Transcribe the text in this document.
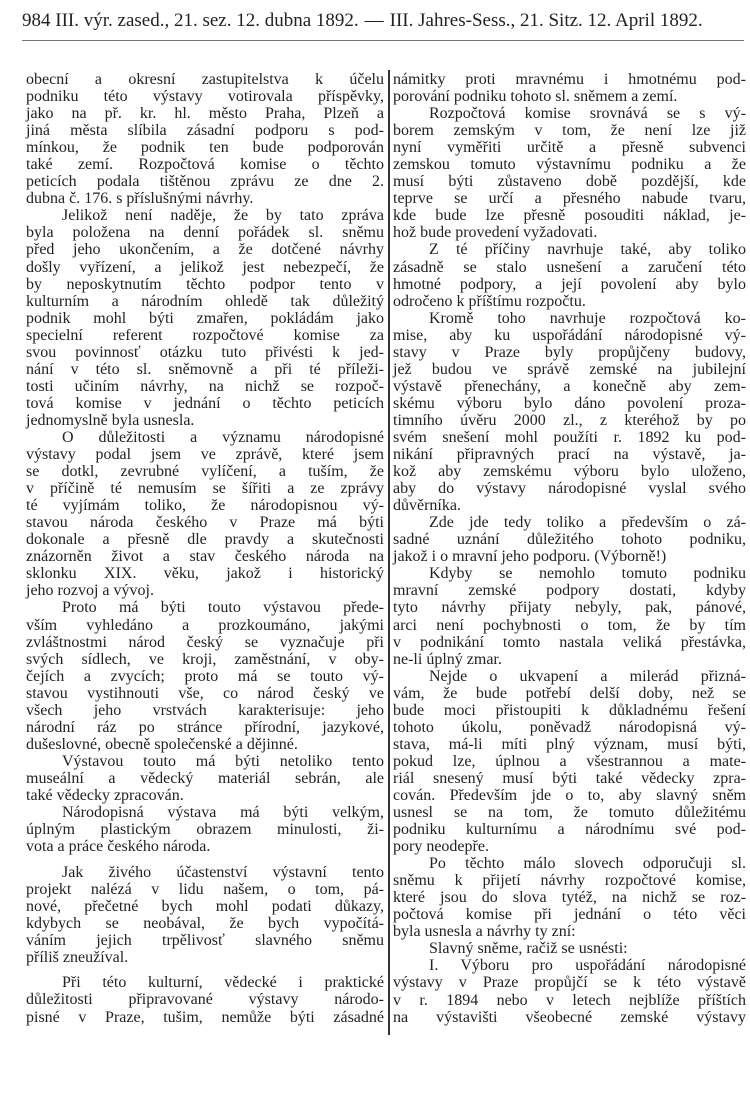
984 III. výr. zased., 21. sez. 12. dubna 1892. — III. Jahres-Sess., 21. Sitz. 12. April 1892.
obecní a okresní zastupitelstva k účelu
podniku této výstavy votirovala příspěvky,
jako na př. kr. hl. město Praha, Plzeň a
jiná města slíbila zásadní podporu s pod-
mínkou, že podnik ten bude podporován
také zemí. Rozpočtová komise o těchto
peticích podala tištěnou zprávu ze dne 2.
dubna č. 176. s příslušnými návrhy.
Jelikož není naděje, že by tato zpráva
byla položena na denní pořádek sl. sněmu
před jeho ukončením, a že dotčené návrhy
došly vyřízení, a jelikož jest nebezpečí, že
by neposkytnutím těchto podpor tento v
kulturním a národním ohledě tak důležitý
podnik mohl býti zmařen, pokládám jako
specielní referent rozpočtové komise za
svou povinnosť otázku tuto přivésti k jed-
nání v této sl. sněmovně a při té příleži-
tosti učiním návrhy, na nichž se rozpoč-
tová komise v jednání o těchto peticích
jednomyslně byla usnesla.
O důležitosti a významu národopisné
výstavy podal jsem ve zprávě, které jsem
se dotkl, zevrubné vylíčení, a tuším, že
v příčině té nemusím se šířiti a ze zprávy
té vyjímám toliko, že národopisnou vý-
stavou národa českého v Praze má býti
dokonale a přesně dle pravdy a skutečnosti
znázorněn život a stav českého národa na
sklonku XIX. věku, jakož i historický
jeho rozvoj a vývoj.
Proto má býti touto výstavou přede-
vším vyhledáno a prozkoumáno, jakými
zvláštnostmi národ český se vyznačuje při
svých sídlech, ve kroji, zaměstnání, v oby-
čejích a zvycích; proto má se touto vý-
stavou vystihnouti vše, co národ český ve
všech jeho vrstvách karakterisuje: jeho
národní ráz po stránce přírodní, jazykové,
dušeslovné, obecně společenské a dějinné.
Výstavou touto má býti netoliko tento
museální a vědecký materiál sebrán, ale
také vědecky zpracován.
Národopisná výstava má býti velkým,
úplným plastickým obrazem minulosti, ži-
vota a práce českého národa.
Jak živého účastenství výstavní tento
projekt nalézá v lidu našem, o tom, pá-
nové, přečetné bych mohl podati důkazy,
kdybych se neobával, že bych vypočítá-
váním jejich trpělivosť slavného sněmu
příliš zneužíval.
Při této kulturní, vědecké i praktické
důležitosti připravované výstavy národo-
pisné v Praze, tušim, nemůže býti zásadné
námitky proti mravnému i hmotnému pod-
porování podniku tohoto sl. sněmem a zemí.
Rozpočtová komise srovnává se s vý-
borem zemským v tom, že není lze již
nyní vyměřiti určitě a přesně subvenci
zemskou tomuto výstavnímu podniku a že
musí býti zůstaveno době pozdější, kde
teprve se určí a přesného nabude tvaru,
kde bude lze přesně posouditi náklad, je-
hož bude provedení vyžadovati.
Z té příčiny navrhuje také, aby toliko
zásadně se stalo usnešení a zaručení této
hmotné podpory, a její povolení aby bylo
odročeno k příštímu rozpočtu.
Kromě toho navrhuje rozpočtová ko-
mise, aby ku uspořádání národopisné vý-
stavy v Praze byly propůjčeny budovy,
jež budou ve správě zemské na jubilejní
výstavě přenechány, a konečně aby zem-
skému výboru bylo dáno povolení proza-
timního úvěru 2000 zl., z kteréhož by po
svém snešení mohl použíti r. 1892 ku pod-
nikání připravných prací na výstavě, ja-
kož aby zemskému výboru bylo uloženo,
aby do výstavy národopisné vyslal svého
důvěrníka.
Zde jde tedy toliko a především o zá-
sadné uznání důležitého tohoto podniku,
jakož i o mravní jeho podporu. (Výborně!)
Kdyby se nemohlo tomuto podniku
mravní zemské podpory dostati, kdyby
tyto návrhy přijaty nebyly, pak, pánové,
arci není pochybnosti o tom, že by tím
v podnikání tomto nastala veliká přestávka,
ne-li úplný zmar.
Nejde o ukvapení a milerád přizná-
vám, že bude potřebí delší doby, než se
bude moci přistoupiti k důkladnému řešení
tohoto úkolu, poněvadž národopisná vý-
stava, má-li míti plný význam, musí býti,
pokud lze, úplnou a všestrannou a mate-
riál snesený musí býti také vědecky zpra-
cován. Především jde o to, aby slavný sněm
usnesl se na tom, že tomuto důležitému
podniku kulturnímu a národnímu své pod-
pory neodepře.
Po těchto málo slovech odporučuji sl.
sněmu k přijetí návrhy rozpočtové komise,
které jsou do slova tytéž, na nichž se roz-
počtová komise při jednání o této věci
byla usnesla a návrhy ty zní:
Slavný sněme, račiž se usnésti:
I. Výboru pro uspořádání národopisné
výstavy v Praze propůjčí se k této výstavě
v r. 1894 nebo v letech nejblíže příštích
na výstavišti všeobecné zemské výstavy
